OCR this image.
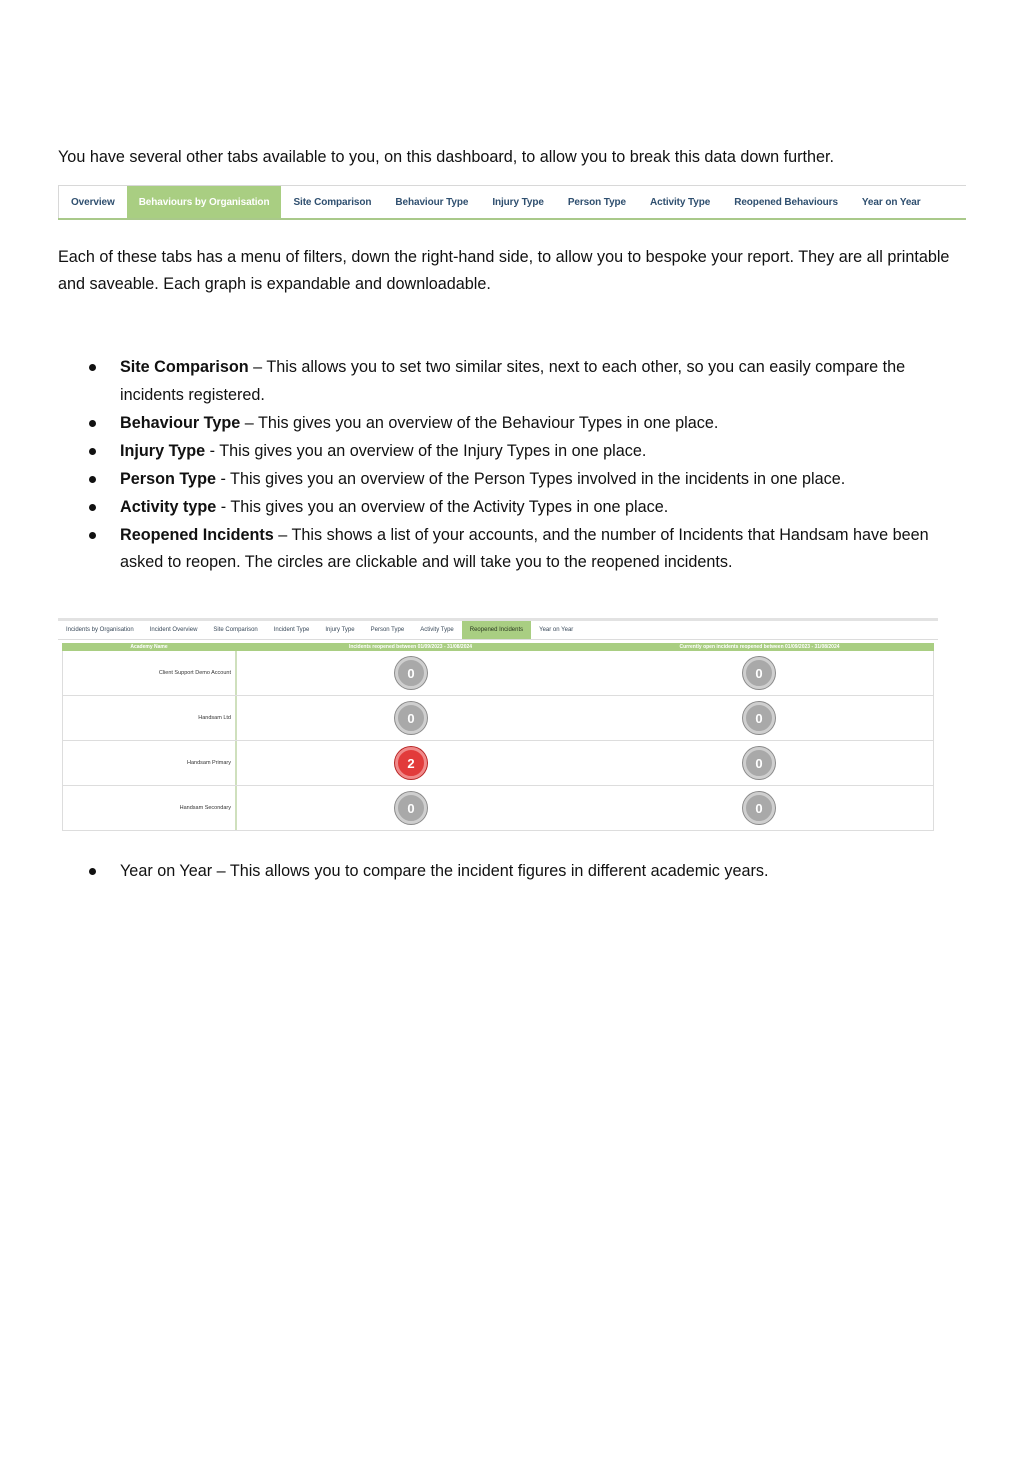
You have several other tabs available to you, on this dashboard, to allow you to break this data down further.

Overview	Behaviours by Organisation	Site Comparison	Behaviour Type	Injury Type	Person Type	Activity Type	Reopened Behaviours	Year on Year

Each of these tabs has a menu of filters, down the right-hand side, to allow you to bespoke your report. They are all printable and saveable. Each graph is expandable and downloadable.

Site Comparison – This allows you to set two similar sites, next to each other, so you can easily compare the incidents registered.
Behaviour Type – This gives you an overview of the Behaviour Types in one place.
Injury Type - This gives you an overview of the Injury Types in one place.
Person Type - This gives you an overview of the Person Types involved in the incidents in one place.
Activity type - This gives you an overview of the Activity Types in one place.
Reopened Incidents – This shows a list of your accounts, and the number of Incidents that Handsam have been asked to reopen. The circles are clickable and will take you to the reopened incidents.
Incidents by Organisation	Incident Overview	Site Comparison	Incident Type	Injury Type	Person Type	Activity Type	Reopened Incidents	Year on Year
Academy Name	Incidents reopened between 01/09/2023 - 31/08/2024	Currently open incidents reopened between 01/09/2023 - 31/08/2024
Client Support Demo Account	0	0
Handsam Ltd	0	0
Handsam Primary	2	0
Handsam Secondary	0	0
Year on Year – This allows you to compare the incident figures in different academic years.
